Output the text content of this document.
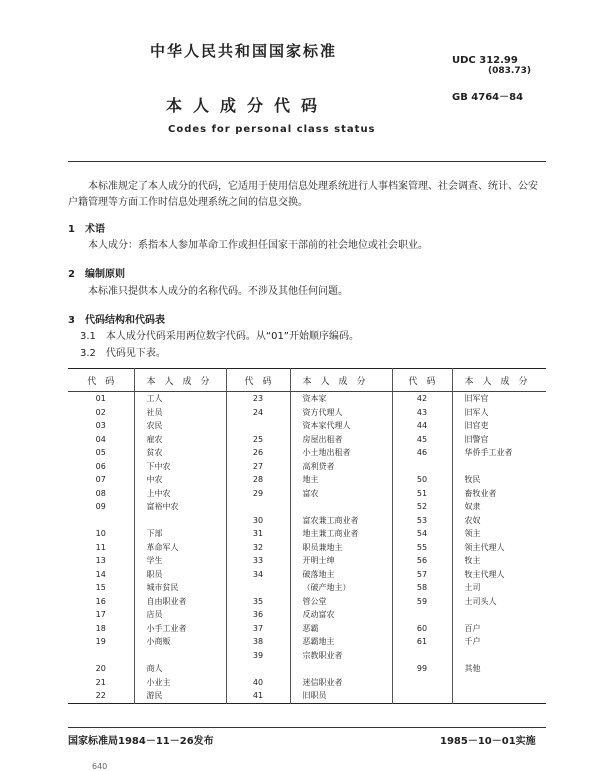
中华人民共和国国家标准
UDC 312.99
(083.73)
GB 4764－84
本人成分代码
Codes for personal class status
本标准规定了本人成分的代码，它适用于使用信息处理系统进行人事档案管理、社会调查、统计、公安户籍管理等方面工作时信息处理系统之间的信息交换。
1　术语
本人成分：系指本人参加革命工作或担任国家干部前的社会地位或社会职业。
2　编制原则
本标准只提供本人成分的名称代码。不涉及其他任何问题。
3　代码结构和代码表
3.1　本人成分代码采用两位数字代码。从“01”开始顺序编码。
3.2　代码见下表。
代　码	本　人　成　分	代　码	本　人　成　分	代　码	本　人　成　分
01	工人	23	资本家	42	旧军官
02	社员	24	资方代理人	43	旧军人
03	农民		资本家代理人	44	旧官吏
04	雇农	25	房屋出租者	45	旧警官
05	贫农	26	小土地出租者	46	华侨手工业者
06	下中农	27	高利贷者		
07	中农	28	地主	50	牧民
08	上中农	29	富农	51	畜牧业者
09	富裕中农			52	奴隶
		30	富农兼工商业者	53	农奴
10	下部	31	地主兼工商业者	54	领主
11	革命军人	32	职员兼地主	55	领主代理人
13	学生	33	开明士绅	56	牧主
14	职员	34	破落地主	57	牧主代理人
15	城市贫民		（破产地主）	58	土司
16	自由职业者	35	管公堂	59	土司头人
17	店员	36	反动富农		
18	小手工业者	37	恶霸	60	百户
19	小商贩	38	恶霸地主	61	千户
		39	宗教职业者		
20	商人			99	其他
21	小业主	40	迷信职业者		
22	游民	41	旧职员		
国家标准局1984－11－26发布	1985－10－01实施
640
